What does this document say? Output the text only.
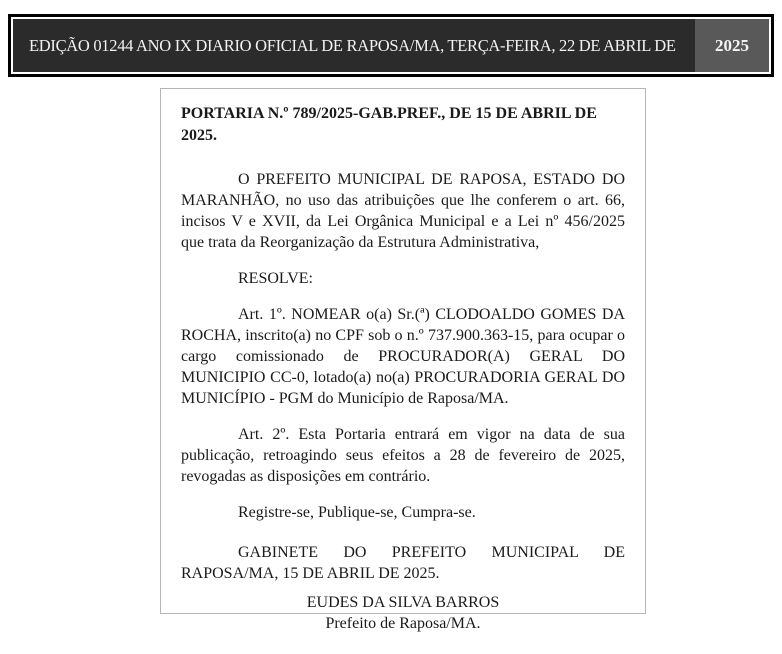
EDIÇÃO 01244 ANO IX DIARIO OFICIAL DE RAPOSA/MA, TERÇA-FEIRA, 22 DE ABRIL DE	2025
PORTARIA N.º 789/2025-GAB.PREF., DE 15 DE ABRIL DE 2025.

O PREFEITO MUNICIPAL DE RAPOSA, ESTADO DO MARANHÃO, no uso das atribuições que lhe conferem o art. 66, incisos V e XVII, da Lei Orgânica Municipal e a Lei nº 456/2025 que trata da Reorganização da Estrutura Administrativa,

RESOLVE:

Art. 1º. NOMEAR o(a) Sr.(ª) CLODOALDO GOMES DA ROCHA, inscrito(a) no CPF sob o n.º 737.900.363-15, para ocupar o cargo comissionado de PROCURADOR(A) GERAL DO MUNICIPIO CC-0, lotado(a) no(a) PROCURADORIA GERAL DO MUNICÍPIO - PGM do Município de Raposa/MA.

Art. 2º. Esta Portaria entrará em vigor na data de sua publicação, retroagindo seus efeitos a 28 de fevereiro de 2025, revogadas as disposições em contrário.

Registre-se, Publique-se, Cumpra-se.

GABINETE DO PREFEITO MUNICIPAL DE RAPOSA/MA, 15 DE ABRIL DE 2025.

EUDES DA SILVA BARROS
Prefeito de Raposa/MA.
